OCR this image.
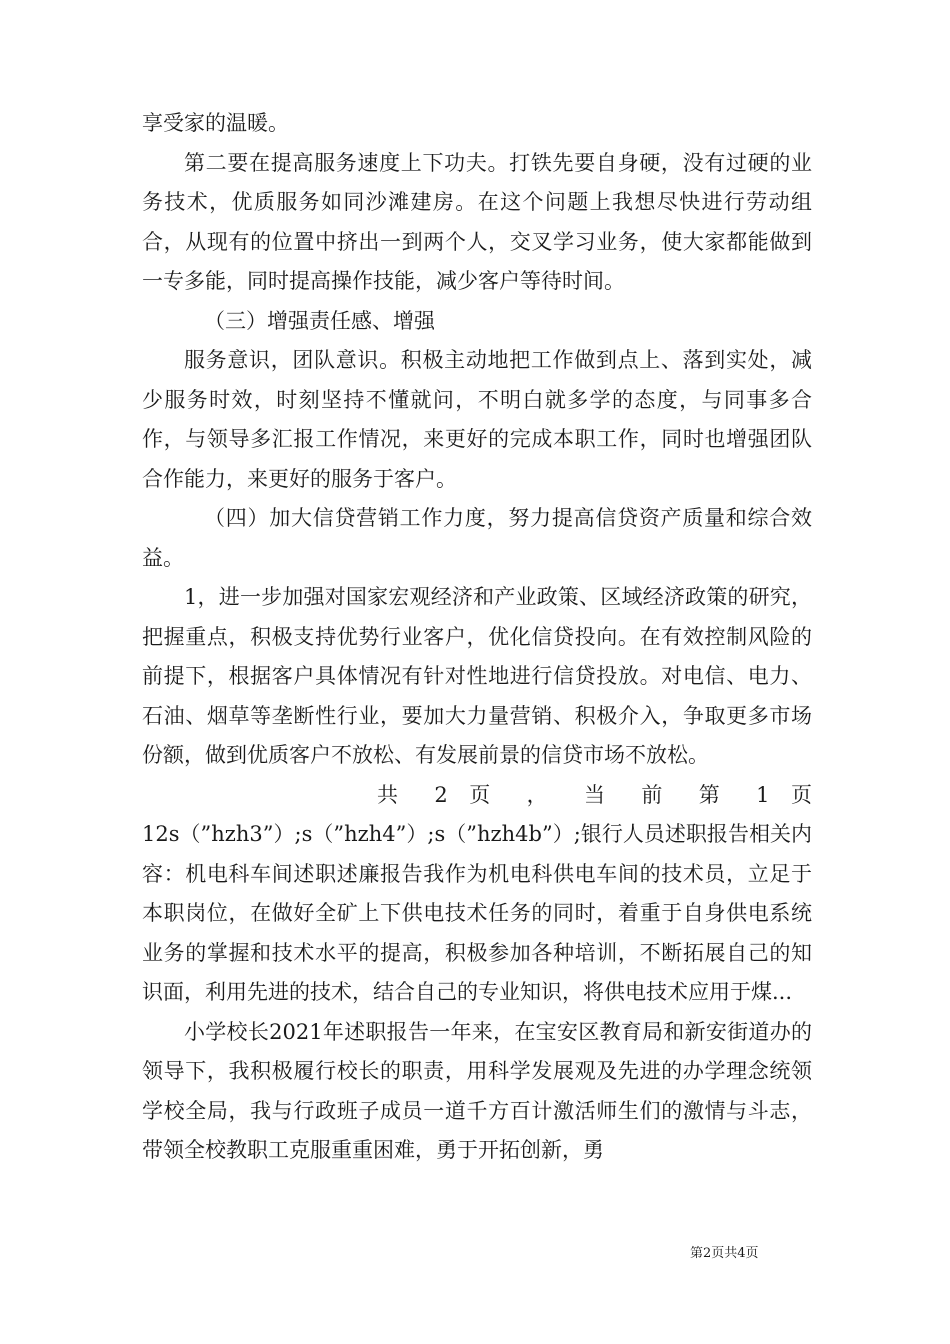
享受家的温暖。

第二要在提高服务速度上下功夫。打铁先要自身硬，没有过硬的业务技术，优质服务如同沙滩建房。在这个问题上我想尽快进行劳动组合，从现有的位置中挤出一到两个人，交叉学习业务，使大家都能做到一专多能，同时提高操作技能，减少客户等待时间。

（三）增强责任感、增强

服务意识，团队意识。积极主动地把工作做到点上、落到实处，减少服务时效，时刻坚持不懂就问，不明白就多学的态度，与同事多合作，与领导多汇报工作情况，来更好的完成本职工作，同时也增强团队合作能力，来更好的服务于客户。

（四）加大信贷营销工作力度，努力提高信贷资产质量和综合效益。

1，进一步加强对国家宏观经济和产业政策、区域经济政策的研究，把握重点，积极支持优势行业客户，优化信贷投向。在有效控制风险的前提下，根据客户具体情况有针对性地进行信贷投放。对电信、电力、石油、烟草等垄断性行业，要加大力量营销、积极介入，争取更多市场份额，做到优质客户不放松、有发展前景的信贷市场不放松。

共 2 页 ， 当 前 第 1 页

12s（”hzh3”）;s（”hzh4”）;s（”hzh4b”）;银行人员述职报告相关内容：机电科车间述职述廉报告我作为机电科供电车间的技术员，立足于本职岗位，在做好全矿上下供电技术任务的同时，着重于自身供电系统业务的掌握和技术水平的提高，积极参加各种培训，不断拓展自己的知识面，利用先进的技术，结合自己的专业知识，将供电技术应用于煤...

小学校长2021年述职报告一年来，在宝安区教育局和新安街道办的领导下，我积极履行校长的职责，用科学发展观及先进的办学理念统领学校全局，我与行政班子成员一道千方百计激活师生们的激情与斗志，带领全校教职工克服重重困难，勇于开拓创新，勇

第2页共4页
